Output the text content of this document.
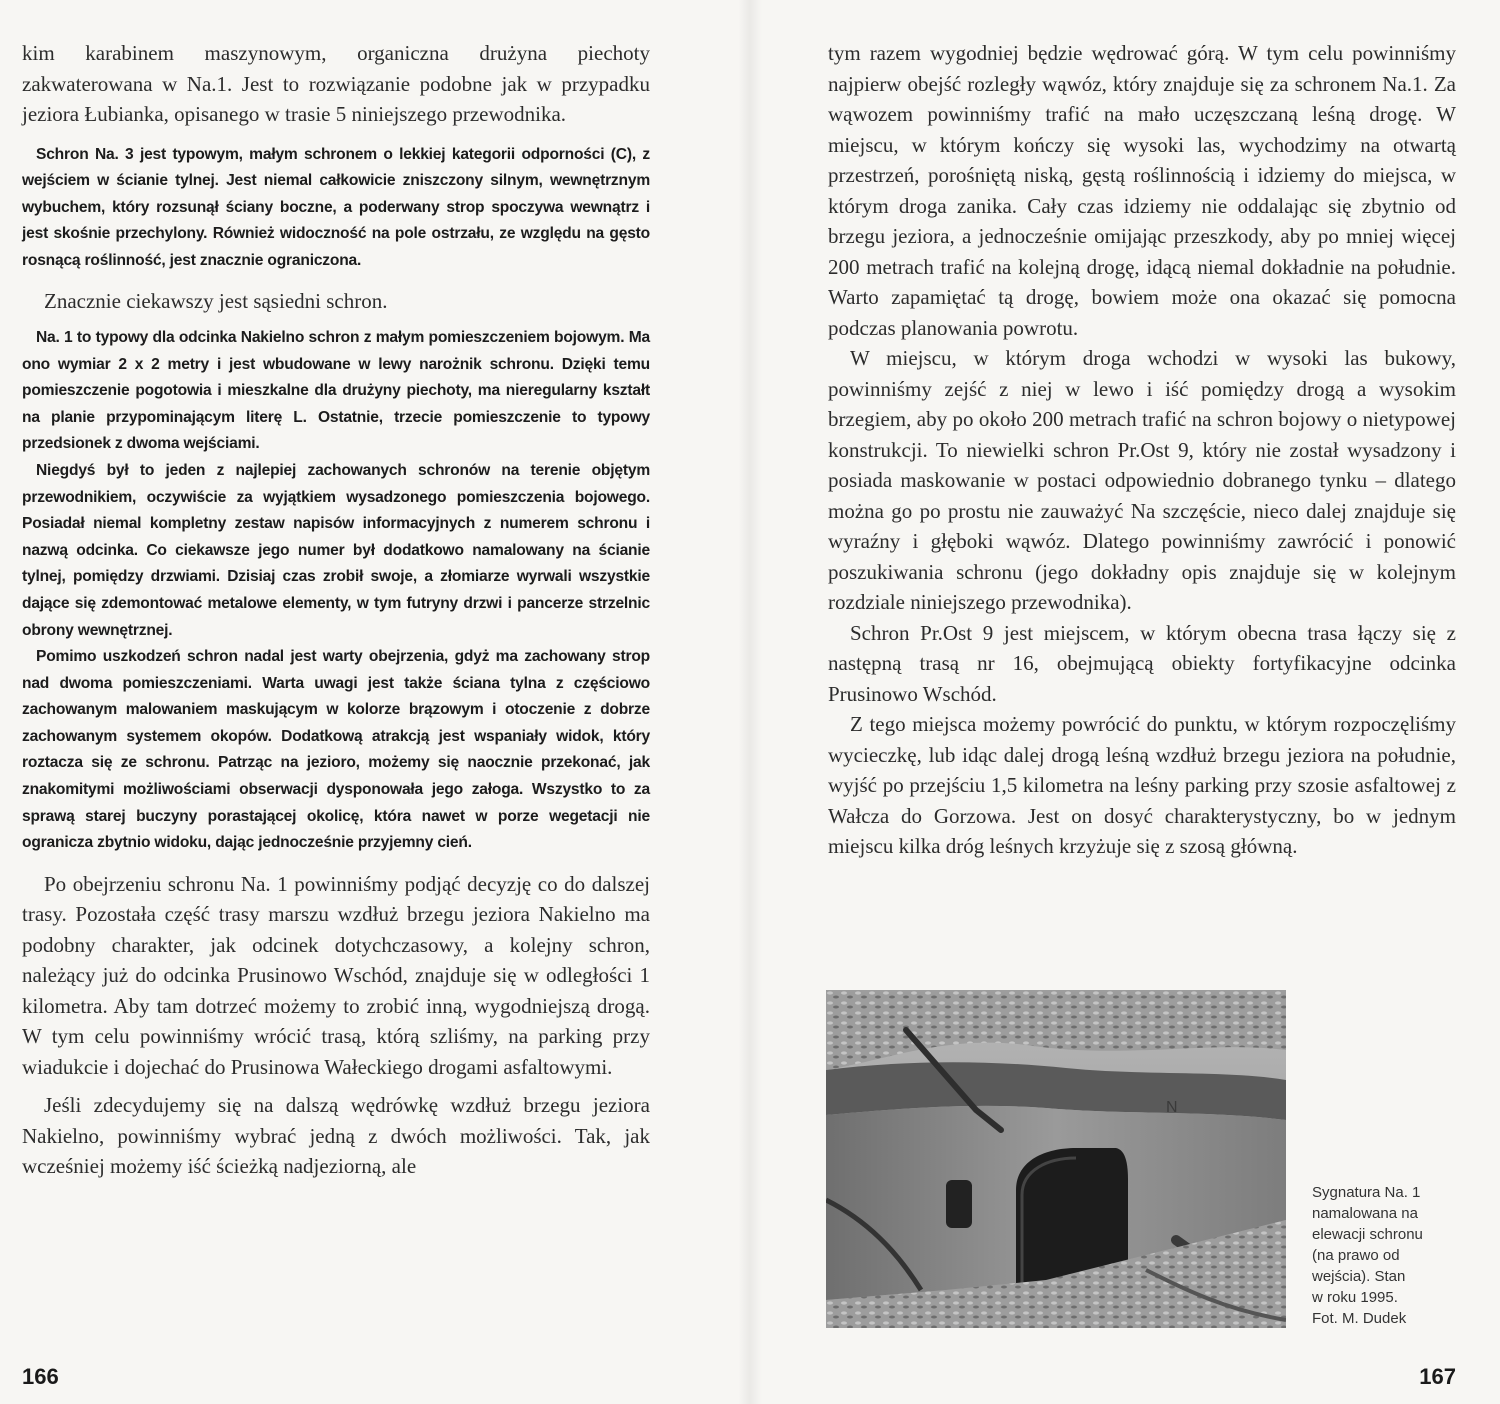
kim karabinem maszynowym, organiczna drużyna piechoty zakwaterowana w Na.1. Jest to rozwiązanie podobne jak w przypadku jeziora Łubianka, opisanego w trasie 5 niniejszego przewodnika.

Schron Na. 3 jest typowym, małym schronem o lekkiej kategorii odporności (C), z wejściem w ścianie tylnej. Jest niemal całkowicie zniszczony silnym, wewnętrznym wybuchem, który rozsunął ściany boczne, a poderwany strop spoczywa wewnątrz i jest skośnie przechylony. Również widoczność na pole ostrzału, ze względu na gęsto rosnącą roślinność, jest znacznie ograniczona.

Znacznie ciekawszy jest sąsiedni schron.

Na. 1 to typowy dla odcinka Nakielno schron z małym pomieszczeniem bojowym. Ma ono wymiar 2 x 2 metry i jest wbudowane w lewy narożnik schronu. Dzięki temu pomieszczenie pogotowia i mieszkalne dla drużyny piechoty, ma nieregularny kształt na planie przypominającym literę L. Ostatnie, trzecie pomieszczenie to typowy przedsionek z dwoma wejściami.

Niegdyś był to jeden z najlepiej zachowanych schronów na terenie objętym przewodnikiem, oczywiście za wyjątkiem wysadzonego pomieszczenia bojowego. Posiadał niemal kompletny zestaw napisów informacyjnych z numerem schronu i nazwą odcinka. Co ciekawsze jego numer był dodatkowo namalowany na ścianie tylnej, pomiędzy drzwiami. Dzisiaj czas zrobił swoje, a złomiarze wyrwali wszystkie dające się zdemontować metalowe elementy, w tym futryny drzwi i pancerze strzelnic obrony wewnętrznej.

Pomimo uszkodzeń schron nadal jest warty obejrzenia, gdyż ma zachowany strop nad dwoma pomieszczeniami. Warta uwagi jest także ściana tylna z częściowo zachowanym malowaniem maskującym w kolorze brązowym i otoczenie z dobrze zachowanym systemem okopów. Dodatkową atrakcją jest wspaniały widok, który roztacza się ze schronu. Patrząc na jezioro, możemy się naocznie przekonać, jak znakomitymi możliwościami obserwacji dysponowała jego załoga. Wszystko to za sprawą starej buczyny porastającej okolicę, która nawet w porze wegetacji nie ogranicza zbytnio widoku, dając jednocześnie przyjemny cień.

Po obejrzeniu schronu Na. 1 powinniśmy podjąć decyzję co do dalszej trasy. Pozostała część trasy marszu wzdłuż brzegu jeziora Nakielno ma podobny charakter, jak odcinek dotychczasowy, a kolejny schron, należący już do odcinka Prusinowo Wschód, znajduje się w odległości 1 kilometra. Aby tam dotrzeć możemy to zrobić inną, wygodniejszą drogą. W tym celu powinniśmy wrócić trasą, którą szliśmy, na parking przy wiadukcie i dojechać do Prusinowa Wałeckiego drogami asfaltowymi.

Jeśli zdecydujemy się na dalszą wędrówkę wzdłuż brzegu jeziora Nakielno, powinniśmy wybrać jedną z dwóch możliwości. Tak, jak wcześniej możemy iść ścieżką nadjeziorną, ale

166

tym razem wygodniej będzie wędrować górą. W tym celu powinniśmy najpierw obejść rozległy wąwóz, który znajduje się za schronem Na.1. Za wąwozem powinniśmy trafić na mało uczęszczaną leśną drogę. W miejscu, w którym kończy się wysoki las, wychodzimy na otwartą przestrzeń, porośniętą niską, gęstą roślinnością i idziemy do miejsca, w którym droga zanika. Cały czas idziemy nie oddalając się zbytnio od brzegu jeziora, a jednocześnie omijając przeszkody, aby po mniej więcej 200 metrach trafić na kolejną drogę, idącą niemal dokładnie na południe. Warto zapamiętać tą drogę, bowiem może ona okazać się pomocna podczas planowania powrotu.

W miejscu, w którym droga wchodzi w wysoki las bukowy, powinniśmy zejść z niej w lewo i iść pomiędzy drogą a wysokim brzegiem, aby po około 200 metrach trafić na schron bojowy o nietypowej konstrukcji. To niewielki schron Pr.Ost 9, który nie został wysadzony i posiada maskowanie w postaci odpowiednio dobranego tynku – dlatego można go po prostu nie zauważyć Na szczęście, nieco dalej znajduje się wyraźny i głęboki wąwóz. Dlatego powinniśmy zawrócić i ponowić poszukiwania schronu (jego dokładny opis znajduje się w kolejnym rozdziale niniejszego przewodnika).

Schron Pr.Ost 9 jest miejscem, w którym obecna trasa łączy się z następną trasą nr 16, obejmującą obiekty fortyfikacyjne odcinka Prusinowo Wschód.

Z tego miejsca możemy powrócić do punktu, w którym rozpoczęliśmy wycieczkę, lub idąc dalej drogą leśną wzdłuż brzegu jeziora na południe, wyjść po przejściu 1,5 kilometra na leśny parking przy szosie asfaltowej z Wałcza do Gorzowa. Jest on dosyć charakterystyczny, bo w jednym miejscu kilka dróg leśnych krzyżuje się z szosą główną.

167
N
Sygnatura Na. 1
namalowana na
elewacji schronu
(na prawo od
wejścia). Stan
w roku 1995.
Fot. M. Dudek
